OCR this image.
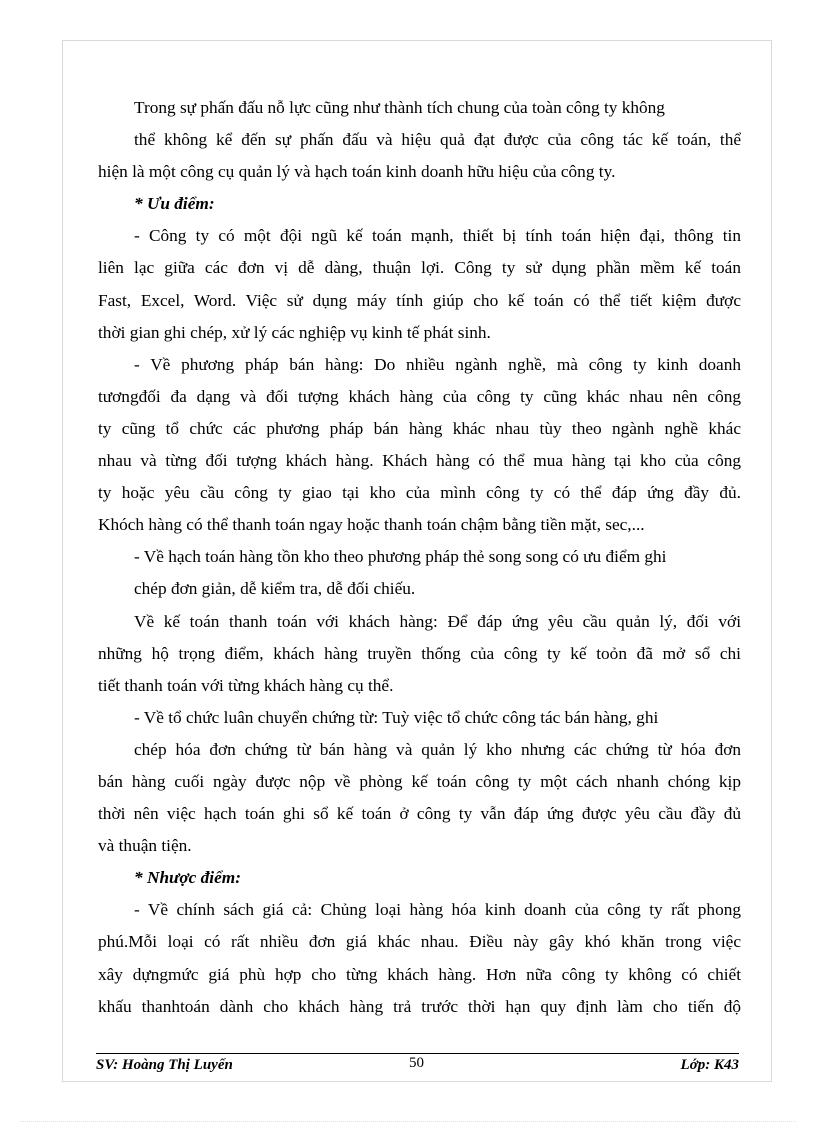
Trong sự phấn đấu nỗ lực cũng như thành tích chung của toàn công ty không
thể không kể đến sự phấn đấu và hiệu quả đạt được của công tác kế toán, thể
hiện là một công cụ quản lý và hạch toán kinh doanh hữu hiệu của công ty.

* Ưu điểm:

- Công ty có một đội ngũ kế toán mạnh, thiết bị tính toán hiện đại, thông tin
liên lạc giữa các đơn vị dễ dàng, thuận lợi. Công ty sử dụng phần mềm kế toán
Fast, Excel, Word. Việc sử dụng máy tính giúp cho kế toán có thể tiết kiệm được
thời gian ghi chép, xử lý các nghiệp vụ kinh tế phát sinh.

- Về phương pháp bán hàng: Do nhiều ngành nghề, mà công ty kinh doanh
tươngđối đa dạng và đối tượng khách hàng của công ty cũng khác nhau nên công
ty cũng tổ chức các phương pháp bán hàng khác nhau tùy theo ngành nghề khác
nhau và từng đối tượng khách hàng. Khách hàng có thể mua hàng tại kho của công
ty hoặc yêu cầu công ty giao tại kho của mình công ty có thể đáp ứng đầy đủ.
Khóch hàng có thể thanh toán ngay hoặc thanh toán chậm bằng tiền mặt, sec,...

- Về hạch toán hàng tồn kho theo phương pháp thẻ song song có ưu điểm ghi
chép đơn giản, dễ kiểm tra, dễ đối chiếu.

Về kế toán thanh toán với khách hàng: Để đáp ứng yêu cầu quản lý, đối với
những hộ trọng điểm, khách hàng truyền thống của công ty kế toỏn đã mở sổ chi
tiết thanh toán với từng khách hàng cụ thể.

- Về tổ chức luân chuyển chứng từ: Tuỳ việc tổ chức công tác bán hàng, ghi
chép hóa đơn chứng từ bán hàng và quản lý kho nhưng các chứng từ hóa đơn
bán hàng cuối ngày được nộp về phòng kế toán công ty một cách nhanh chóng kịp
thời nên việc hạch toán ghi sổ kế toán ở công ty vẫn đáp ứng được yêu cầu đầy đủ
và thuận tiện.

* Nhược điểm:

- Về chính sách giá cả: Chủng loại hàng hóa kinh doanh của công ty rất phong
phú.Mỗi loại có rất nhiều đơn giá khác nhau. Điều này gây khó khăn trong việc
xây dựngmức giá phù hợp cho từng khách hàng. Hơn nữa công ty không có chiết
khấu thanhtoán dành cho khách hàng trả trước thời hạn quy định làm cho tiến độ

SV: Hoàng Thị Luyến	50	Lớp: K43
